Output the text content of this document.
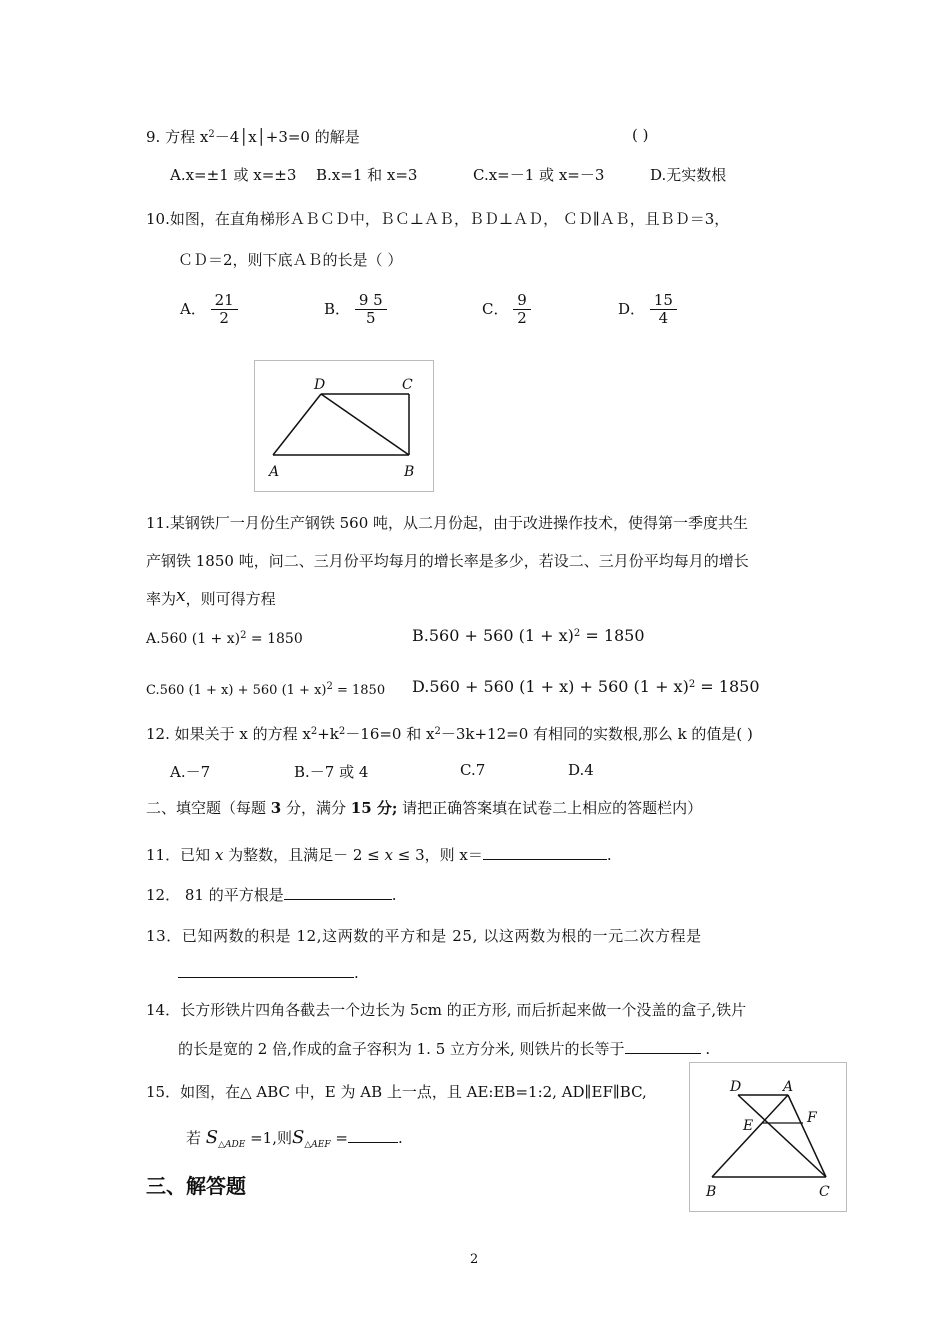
9. 方程 $x^2-4│x│+3=0$ 的解是	( )
A.x=±1 或 x=±3 B.x=1 和 x=3	C.x=－1 或 x=－3	D.无实数根
10.如图，在直角梯形ＡＢＣＤ中，ＢＣ⊥ＡＢ，ＢＤ⊥ＡＤ， ＣＤ∥ＡＢ，且ＢＤ＝3，
ＣＤ＝2，则下底ＡＢ的长是（ ）
A． $\frac{21}{2}$	B． $\frac{9 5}{5}$	C． $\frac{9}{2}$	D． $\frac{15}{4}$
D	C
A	B
11.某钢铁厂一月份生产钢铁 560 吨，从二月份起，由于改进操作技术，使得第一季度共生
产钢铁 1850 吨，问二、三月份平均每月的增长率是多少，若设二、三月份平均每月的增长
率为x，则可得方程
A.560 $(1 + x)^2 = 1850$	B.560 + 560 $(1 + x)^2 = 1850$
C.560 (1 + x) + 560 $(1 + x)^2 = 1850$ D.560 + 560 (1 + x) + 560 $(1 + x)^2 = 1850$
12. 如果关于 x 的方程 $x^2+k^2-16=0$ 和 $x^2-3k+12=0$ 有相同的实数根,那么 k 的值是( )
A.－7	B.－7 或 4	C.7	D.4
二、填空题（每题 3 分，满分 15 分; 请把正确答案填在试卷二上相应的答题栏内）
11．已知 x 为整数，且满足－ 2 ≤ x ≤ 3，则 x＝	.
12． 81 的平方根是	.
13．已知两数的积是 12,这两数的平方和是 25, 以这两数为根的一元二次方程是
.
14．长方形铁片四角各截去一个边长为 5cm 的正方形, 而后折起来做一个没盖的盒子,铁片
的长是宽的 2 倍,作成的盒子容积为 1. 5 立方分米, 则铁片的长等于	.
15．如图，在△ ABC 中，E 为 AB 上一点，且 AE:EB=1:2, AD∥EF∥BC,
若 $S_{\triangle ADE} =1$,则$S_{\triangle AEF}$ =	.
D	A
E	F
B	C
三、解答题
2
